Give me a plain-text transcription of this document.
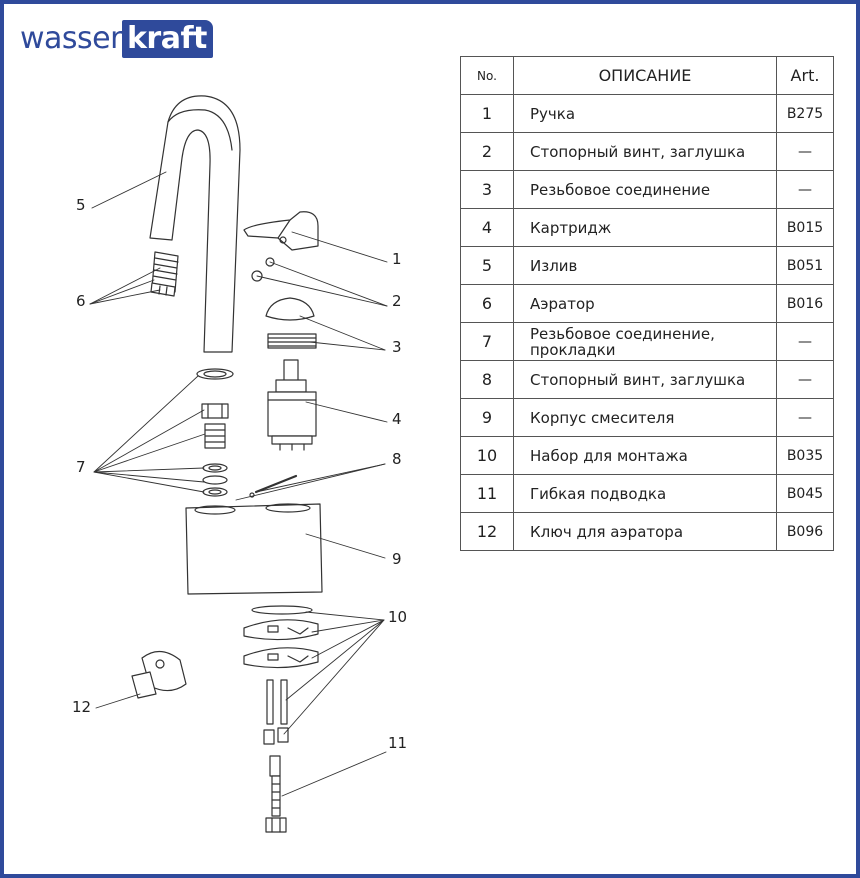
wasser kraft
5
6
1
2
3
4
7	8
9
10
12
11
No.	ОПИСАНИЕ	Art.
1	Ручка	B275
2	Стопорный винт, заглушка	—
3	Резьбовое соединение	—
4	Картридж	B015
5	Излив	B051
6	Аэратор	B016
7	Резьбовое соединение, прокладки	—
8	Стопорный винт, заглушка	—
9	Корпус смесителя	—
10	Набор для монтажа	B035
11	Гибкая подводка	B045
12	Ключ для аэратора	B096
